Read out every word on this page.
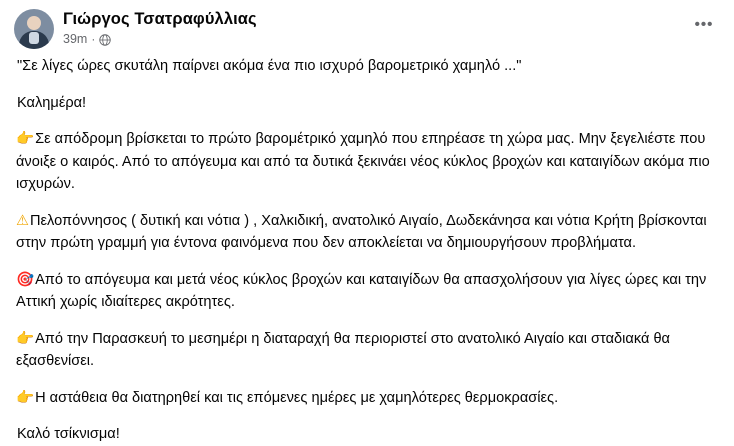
Γιώργος Τσατραφύλλιας
39m ·
•••

"Σε λίγες ώρες σκυτάλη παίρνει ακόμα ένα πιο ισχυρό βαρομετρικό χαμηλό ..."

Καλημέρα!

👉Σε απόδρομη βρίσκεται το πρώτο βαρομέτρικό χαμηλό που επηρέασε τη χώρα μας. Μην ξεγελιέστε που άνοιξε ο καιρός. Από το απόγευμα και από τα δυτικά ξεκινάει νέος κύκλος βροχών και καταιγίδων ακόμα πιο ισχυρών.

⚠Πελοπόννησος ( δυτική και νότια ) , Χαλκιδική, ανατολικό Αιγαίο, Δωδεκάνησα και νότια Κρήτη βρίσκονται στην πρώτη γραμμή για έντονα φαινόμενα που δεν αποκλείεται να δημιουργήσουν προβλήματα.

🎯Από το απόγευμα και μετά νέος κύκλος βροχών και καταιγίδων θα απασχολήσουν για λίγες ώρες και την Αττική χωρίς ιδιαίτερες ακρότητες.

👉Από την Παρασκευή το μεσημέρι η διαταραχή θα περιοριστεί στο ανατολικό Αιγαίο και σταδιακά θα εξασθενίσει.

👉Η αστάθεια θα διατηρηθεί και τις επόμενες ημέρες με χαμηλότερες θερμοκρασίες.

Καλό τσίκνισμα!
